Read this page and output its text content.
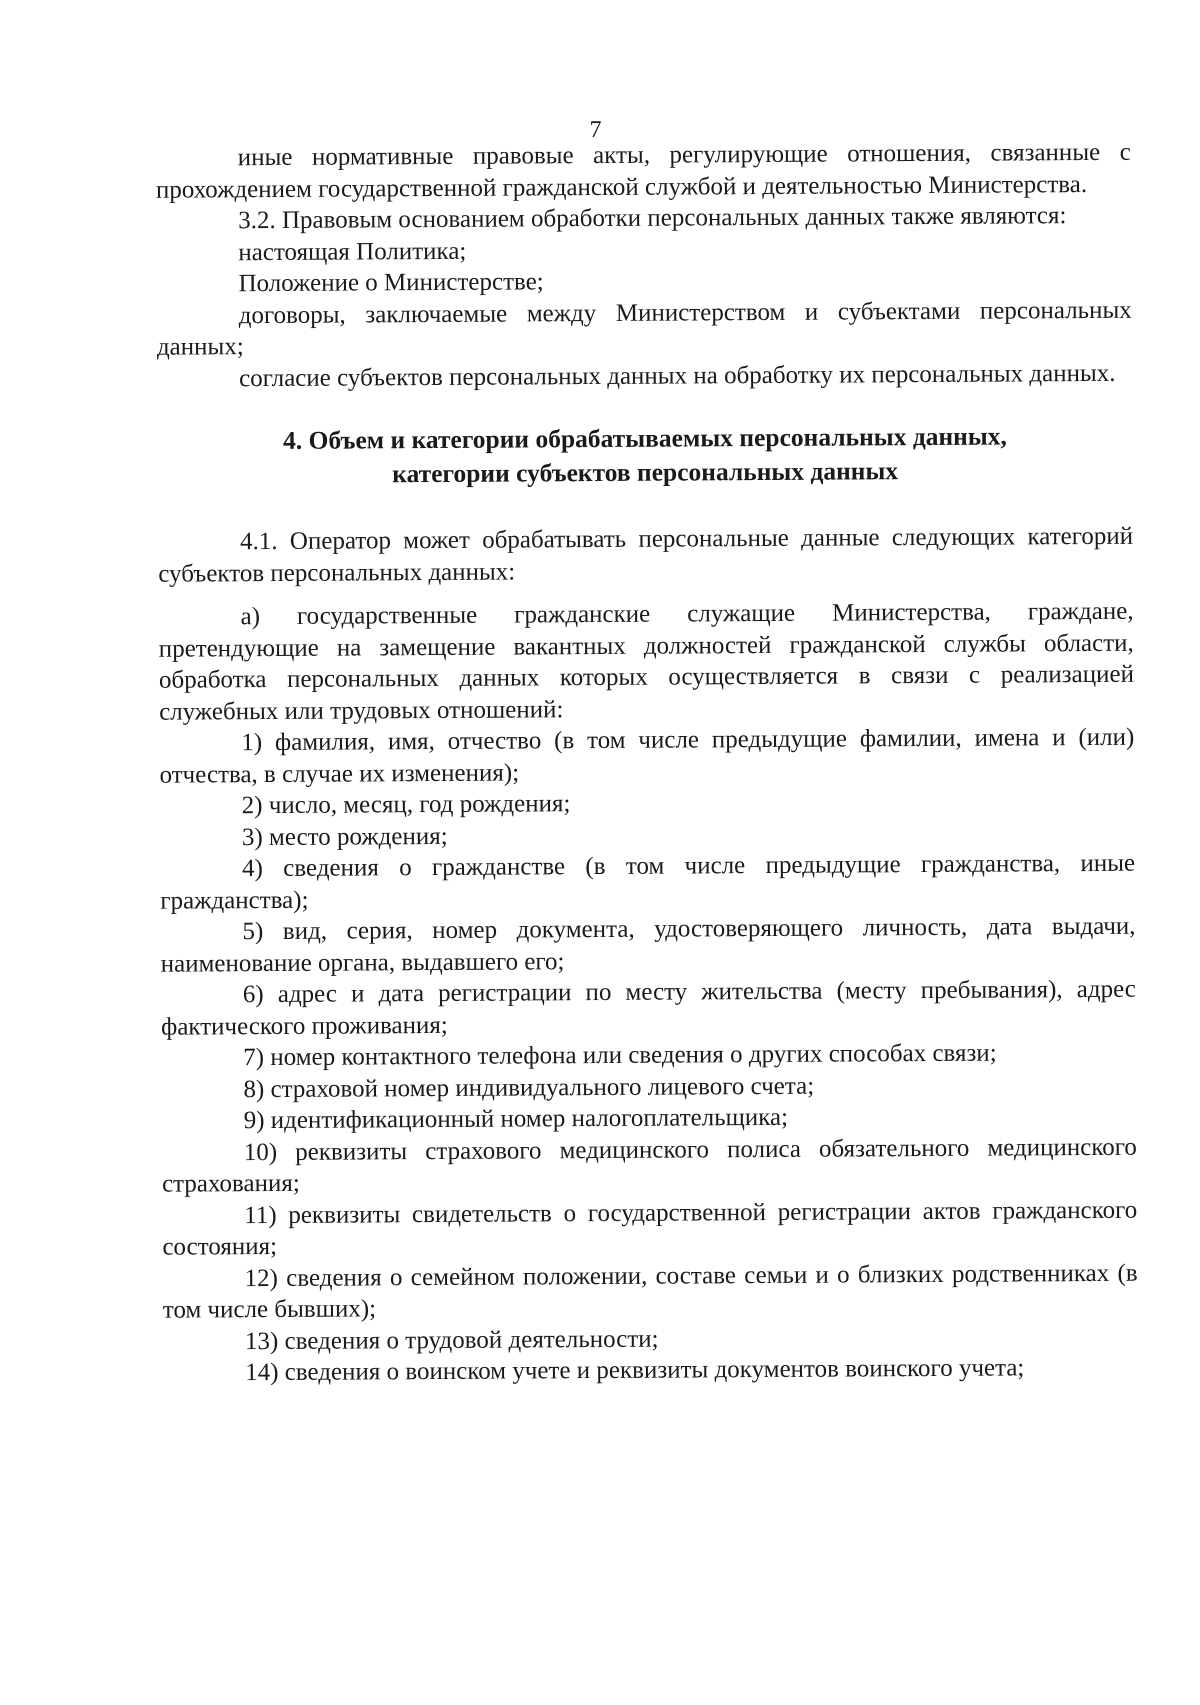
7

иные нормативные правовые акты, регулирующие отношения, связанные с прохождением государственной гражданской службой и деятельностью Министерства.

3.2. Правовым основанием обработки персональных данных также являются:

настоящая Политика;

Положение о Министерстве;

договоры, заключаемые между Министерством и субъектами персональных данных;

согласие субъектов персональных данных на обработку их персональных данных.

4. Объем и категории обрабатываемых персональных данных,

категории субъектов персональных данных

4.1. Оператор может обрабатывать персональные данные следующих категорий субъектов персональных данных:

а) государственные гражданские служащие Министерства, граждане, претендующие на замещение вакантных должностей гражданской службы области, обработка персональных данных которых осуществляется в связи с реализацией служебных или трудовых отношений:

1) фамилия, имя, отчество (в том числе предыдущие фамилии, имена и (или) отчества, в случае их изменения);

2) число, месяц, год рождения;

3) место рождения;

4) сведения о гражданстве (в том числе предыдущие гражданства, иные гражданства);

5) вид, серия, номер документа, удостоверяющего личность, дата выдачи, наименование органа, выдавшего его;

6) адрес и дата регистрации по месту жительства (месту пребывания), адрес фактического проживания;

7) номер контактного телефона или сведения о других способах связи;

8) страховой номер индивидуального лицевого счета;

9) идентификационный номер налогоплательщика;

10) реквизиты страхового медицинского полиса обязательного медицинского страхования;

11) реквизиты свидетельств о государственной регистрации актов гражданского состояния;

12) сведения о семейном положении, составе семьи и о близких родственниках (в том числе бывших);

13) сведения о трудовой деятельности;

14) сведения о воинском учете и реквизиты документов воинского учета;
